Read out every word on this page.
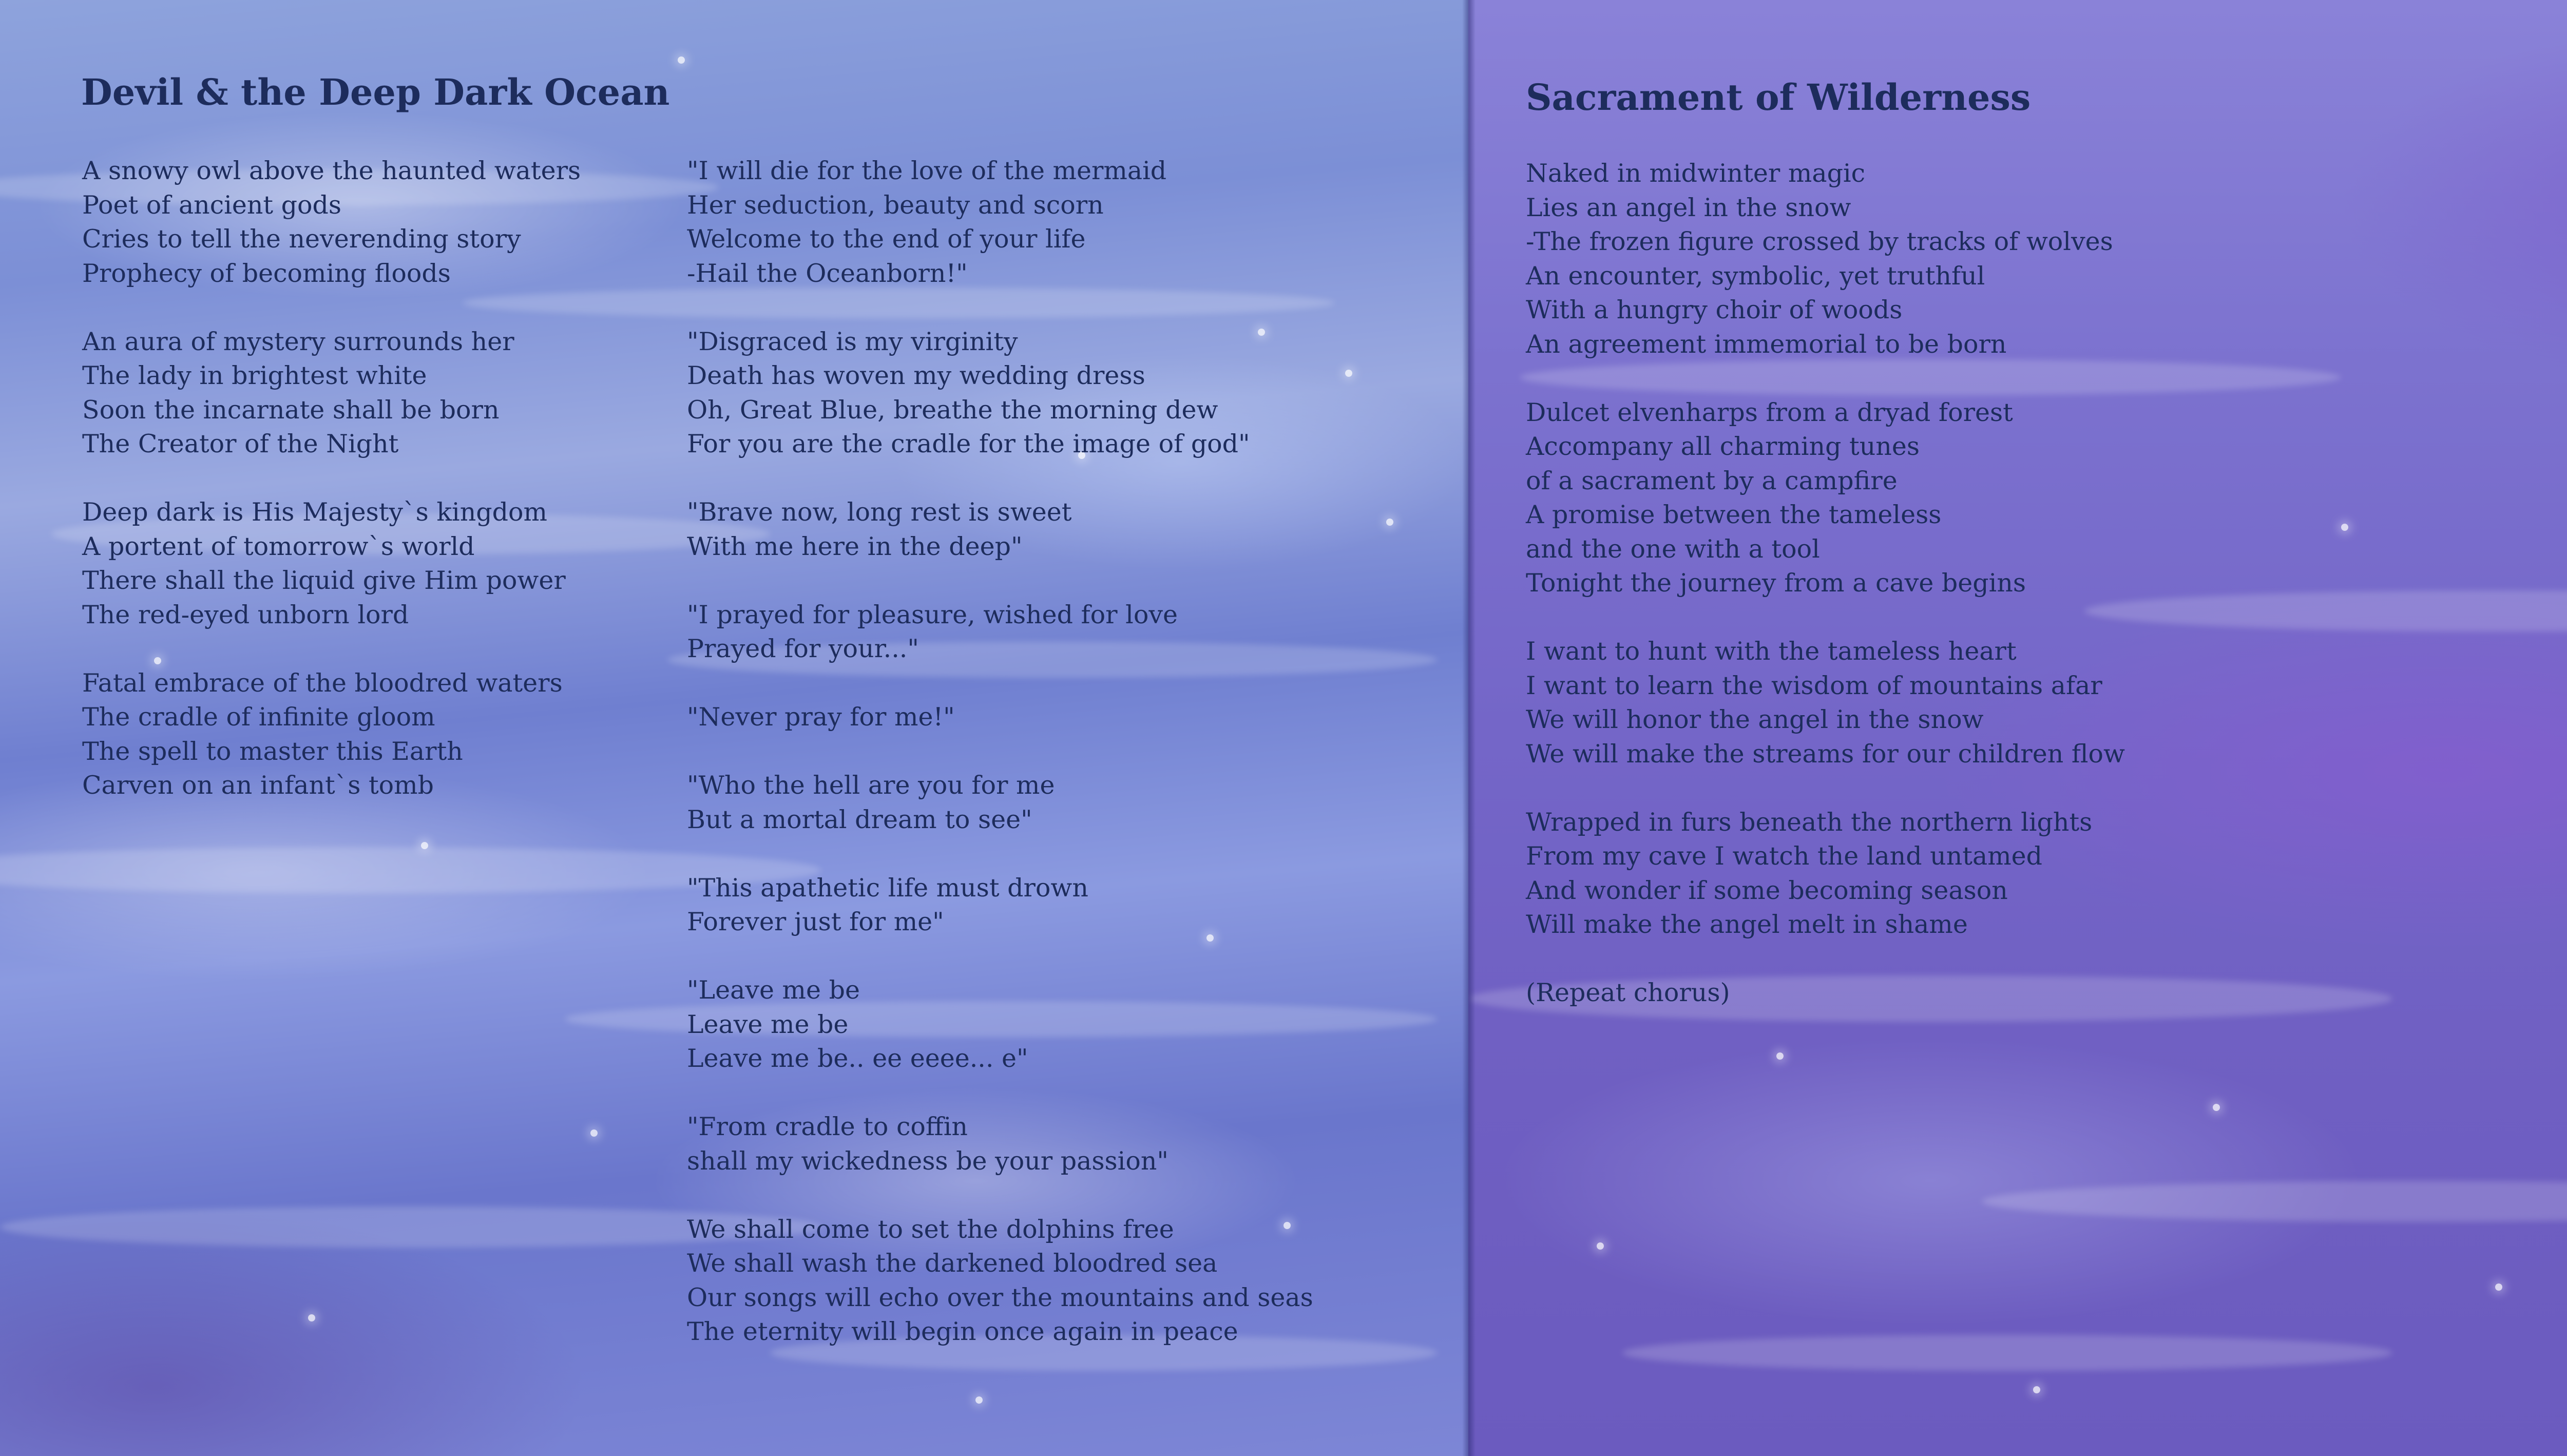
Devil & the Deep Dark Ocean

A snowy owl above the haunted waters
Poet of ancient gods
Cries to tell the neverending story
Prophecy of becoming floods

An aura of mystery surrounds her
The lady in brightest white
Soon the incarnate shall be born
The Creator of the Night

Deep dark is His Majesty`s kingdom
A portent of tomorrow`s world
There shall the liquid give Him power
The red-eyed unborn lord

Fatal embrace of the bloodred waters
The cradle of infinite gloom
The spell to master this Earth
Carven on an infant`s tomb

"I will die for the love of the mermaid
Her seduction, beauty and scorn
Welcome to the end of your life
-Hail the Oceanborn!"

"Disgraced is my virginity
Death has woven my wedding dress
Oh, Great Blue, breathe the morning dew
For you are the cradle for the image of god"

"Brave now, long rest is sweet
With me here in the deep"

"I prayed for pleasure, wished for love
Prayed for your..."

"Never pray for me!"

"Who the hell are you for me
But a mortal dream to see"

"This apathetic life must drown
Forever just for me"

"Leave me be
Leave me be
Leave me be.. ee eeee... e"

"From cradle to coffin
shall my wickedness be your passion"

We shall come to set the dolphins free
We shall wash the darkened bloodred sea
Our songs will echo over the mountains and seas
The eternity will begin once again in peace

Sacrament of Wilderness

Naked in midwinter magic
Lies an angel in the snow
-The frozen figure crossed by tracks of wolves
An encounter, symbolic, yet truthful
With a hungry choir of woods
An agreement immemorial to be born

Dulcet elvenharps from a dryad forest
Accompany all charming tunes
of a sacrament by a campfire
A promise between the tameless
and the one with a tool
Tonight the journey from a cave begins

I want to hunt with the tameless heart
I want to learn the wisdom of mountains afar
We will honor the angel in the snow
We will make the streams for our children flow

Wrapped in furs beneath the northern lights
From my cave I watch the land untamed
And wonder if some becoming season
Will make the angel melt in shame

(Repeat chorus)
